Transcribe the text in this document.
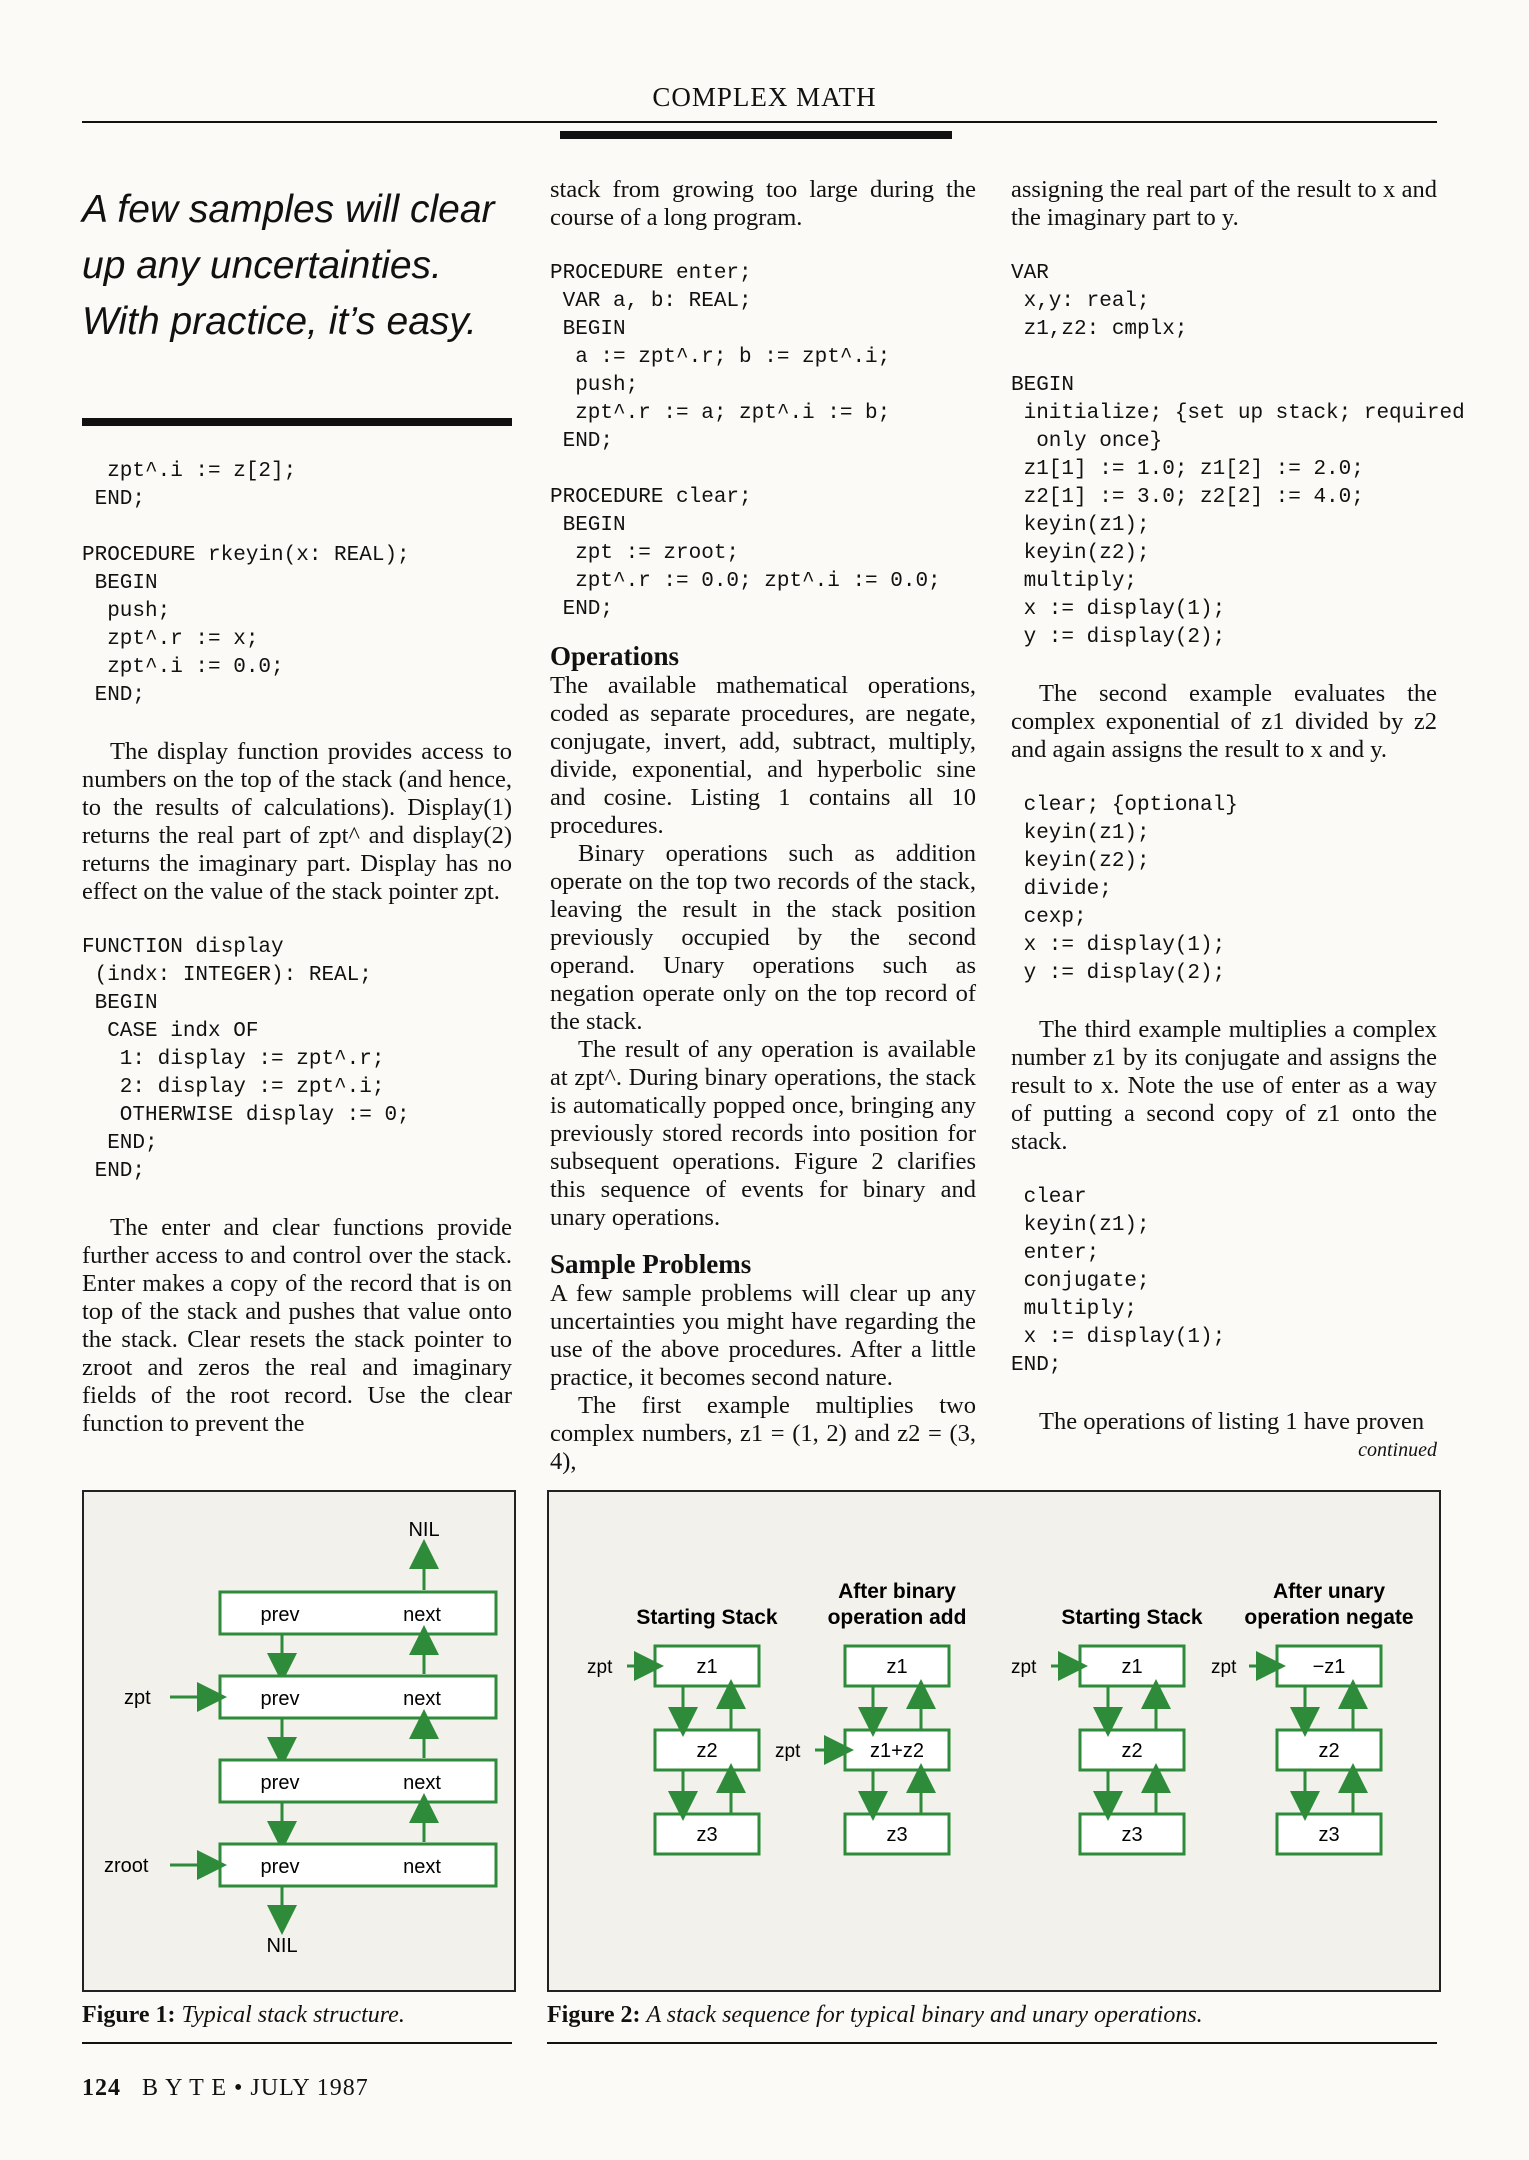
COMPLEX MATH
A few samples will clear up any uncertainties. With practice, it’s easy.
zpt^.i := z[2];
END;

PROCEDURE rkeyin(x: REAL);
BEGIN
push;
zpt^.r := x;
zpt^.i := 0.0;
END;

The display function provides access to numbers on the top of the stack (and hence, to the results of calculations). Display(1) returns the real part of zpt^ and display(2) returns the imaginary part. Display has no effect on the value of the stack pointer zpt.

FUNCTION display
(indx: INTEGER): REAL;
BEGIN
CASE indx OF
1: display := zpt^.r;
2: display := zpt^.i;
OTHERWISE display := 0;
END;
END;

The enter and clear functions provide further access to and control over the stack. Enter makes a copy of the record that is on top of the stack and pushes that value onto the stack. Clear resets the stack pointer to zroot and zeros the real and imaginary fields of the root record. Use the clear function to prevent the

stack from growing too large during the course of a long program.

PROCEDURE enter;
VAR a, b: REAL;
BEGIN
a := zpt^.r; b := zpt^.i;
push;
zpt^.r := a; zpt^.i := b;
END;
PROCEDURE clear;
BEGIN
zpt := zroot;
zpt^.r := 0.0; zpt^.i := 0.0;
END;
Operations

The available mathematical operations, coded as separate procedures, are negate, conjugate, invert, add, subtract, multiply, divide, exponential, and hyperbolic sine and cosine. Listing 1 contains all 10 procedures.

Binary operations such as addition operate on the top two records of the stack, leaving the result in the stack position previously occupied by the second operand. Unary operations such as negation operate only on the top record of the stack.

The result of any operation is available at zpt^. During binary operations, the stack is automatically popped once, bringing any previously stored records into position for subsequent operations. Figure 2 clarifies this sequence of events for binary and unary operations.

Sample Problems

A few sample problems will clear up any uncertainties you might have regarding the use of the above procedures. After a little practice, it becomes second nature.

The first example multiplies two complex numbers, z1 = (1, 2) and z2 = (3, 4),

assigning the real part of the result to x and the imaginary part to y.

VAR
x,y: real;
z1,z2: cmplx;

BEGIN
initialize; {set up stack; required
only once}
z1[1] := 1.0; z1[2] := 2.0;
z2[1] := 3.0; z2[2] := 4.0;
keyin(z1);
keyin(z2);
multiply;
x := display(1);
y := display(2);

The second example evaluates the complex exponential of z1 divided by z2 and again assigns the result to x and y.

clear; {optional}
keyin(z1);
keyin(z2);
divide;
cexp;
x := display(1);
y := display(2);

The third example multiplies a complex number z1 by its conjugate and assigns the result to x. Note the use of enter as a way of putting a second copy of z1 onto the stack.

clear
keyin(z1);
enter;
conjugate;
multiply;
x := display(1);
END;

The operations of listing 1 have proven

continued
NIL
prev	next
prev	next
zpt
prev	next
prev	next
zroot
NIL
Figure 1: Typical stack structure.
Starting Stack
After binary
operation add	Starting Stack
After unary
operation negate
z1
z2
z3
zpt	z1
z1+z2
z3
zpt
z1
z2
z3
zpt	−z1
z2
z3
zpt
Figure 2: A stack sequence for typical binary and unary operations.
124 B Y T E • JULY 1987
